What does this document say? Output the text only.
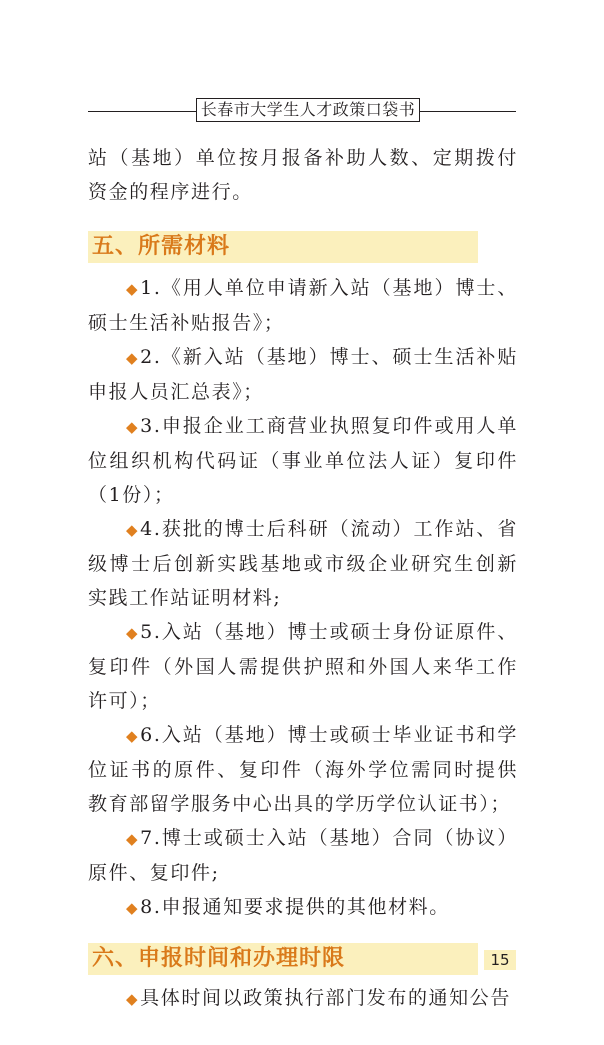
长春市大学生人才政策口袋书

站（基地）单位按月报备补助人数、定期拨付资金的程序进行。

五、所需材料

◆1.《用人单位申请新入站（基地）博士、硕士生活补贴报告》；

◆2.《新入站（基地）博士、硕士生活补贴申报人员汇总表》；

◆3.申报企业工商营业执照复印件或用人单位组织机构代码证（事业单位法人证）复印件（1份）；

◆4.获批的博士后科研（流动）工作站、省级博士后创新实践基地或市级企业研究生创新实践工作站证明材料;

◆5.入站（基地）博士或硕士身份证原件、复印件（外国人需提供护照和外国人来华工作许可）；

◆6.入站（基地）博士或硕士毕业证书和学位证书的原件、复印件（海外学位需同时提供教育部留学服务中心出具的学历学位认证书）；

◆7.博士或硕士入站（基地）合同（协议）原件、复印件;

◆8.申报通知要求提供的其他材料。

六、申报时间和办理时限

◆具体时间以政策执行部门发布的通知公告

15
